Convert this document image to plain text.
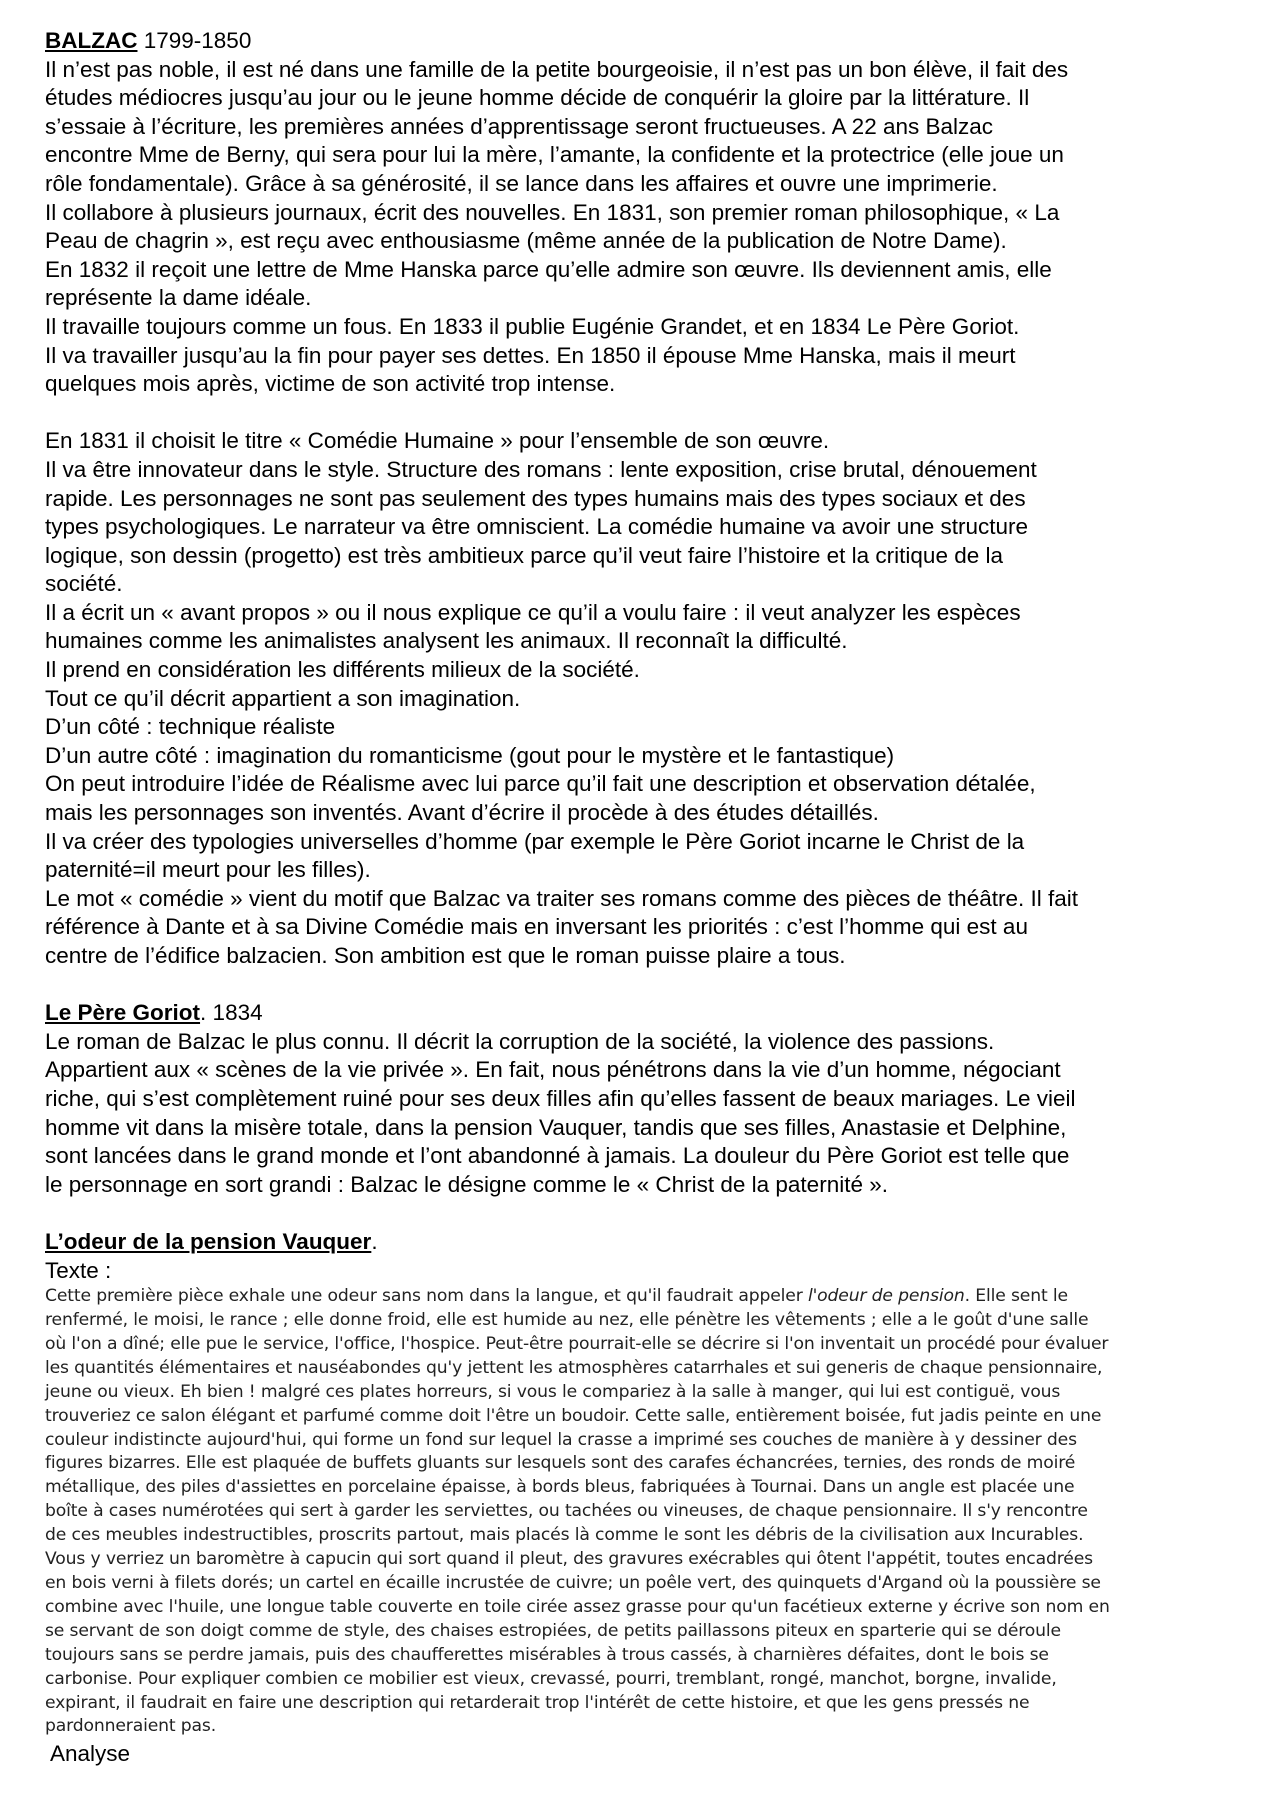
BALZAC 1799-1850
Il n’est pas noble, il est né dans une famille de la petite bourgeoisie, il n’est pas un bon élève, il fait des
études médiocres jusqu’au jour ou le jeune homme décide de conquérir la gloire par la littérature. Il
s’essaie à l’écriture, les premières années d’apprentissage seront fructueuses. A 22 ans Balzac
encontre Mme de Berny, qui sera pour lui la mère, l’amante, la confidente et la protectrice (elle joue un
rôle fondamentale). Grâce à sa générosité, il se lance dans les affaires et ouvre une imprimerie.
Il collabore à plusieurs journaux, écrit des nouvelles. En 1831, son premier roman philosophique, « La
Peau de chagrin », est reçu avec enthousiasme (même année de la publication de Notre Dame).
En 1832 il reçoit une lettre de Mme Hanska parce qu’elle admire son œuvre. Ils deviennent amis, elle
représente la dame idéale.
Il travaille toujours comme un fous. En 1833 il publie Eugénie Grandet, et en 1834 Le Père Goriot.
Il va travailler jusqu’au la fin pour payer ses dettes. En 1850 il épouse Mme Hanska, mais il meurt
quelques mois après, victime de son activité trop intense.
En 1831 il choisit le titre « Comédie Humaine » pour l’ensemble de son œuvre.
Il va être innovateur dans le style. Structure des romans : lente exposition, crise brutal, dénouement
rapide. Les personnages ne sont pas seulement des types humains mais des types sociaux et des
types psychologiques. Le narrateur va être omniscient. La comédie humaine va avoir une structure
logique, son dessin (progetto) est très ambitieux parce qu’il veut faire l’histoire et la critique de la
société.
Il a écrit un « avant propos » ou il nous explique ce qu’il a voulu faire : il veut analyzer les espèces
humaines comme les animalistes analysent les animaux. Il reconnaît la difficulté.
Il prend en considération les différents milieux de la société.
Tout ce qu’il décrit appartient a son imagination.
D’un côté : technique réaliste
D’un autre côté : imagination du romanticisme (gout pour le mystère et le fantastique)
On peut introduire l’idée de Réalisme avec lui parce qu’il fait une description et observation détalée,
mais les personnages son inventés. Avant d’écrire il procède à des études détaillés.
Il va créer des typologies universelles d’homme (par exemple le Père Goriot incarne le Christ de la
paternité=il meurt pour les filles).
Le mot « comédie » vient du motif que Balzac va traiter ses romans comme des pièces de théâtre. Il fait
référence à Dante et à sa Divine Comédie mais en inversant les priorités : c’est l’homme qui est au
centre de l’édifice balzacien. Son ambition est que le roman puisse plaire a tous.
Le Père Goriot. 1834
Le roman de Balzac le plus connu. Il décrit la corruption de la société, la violence des passions.
Appartient aux « scènes de la vie privée ». En fait, nous pénétrons dans la vie d’un homme, négociant
riche, qui s’est complètement ruiné pour ses deux filles afin qu’elles fassent de beaux mariages. Le vieil
homme vit dans la misère totale, dans la pension Vauquer, tandis que ses filles, Anastasie et Delphine,
sont lancées dans le grand monde et l’ont abandonné à jamais. La douleur du Père Goriot est telle que
le personnage en sort grandi : Balzac le désigne comme le « Christ de la paternité ».
L’odeur de la pension Vauquer.
Texte :
Cette première pièce exhale une odeur sans nom dans la langue, et qu'il faudrait appeler l'odeur de pension. Elle sent le
renfermé, le moisi, le rance ; elle donne froid, elle est humide au nez, elle pénètre les vêtements ; elle a le goût d'une salle
où l'on a dîné; elle pue le service, l'office, l'hospice. Peut-être pourrait-elle se décrire si l'on inventait un procédé pour évaluer
les quantités élémentaires et nauséabondes qu'y jettent les atmosphères catarrhales et sui generis de chaque pensionnaire,
jeune ou vieux. Eh bien ! malgré ces plates horreurs, si vous le compariez à la salle à manger, qui lui est contiguë, vous
trouveriez ce salon élégant et parfumé comme doit l'être un boudoir. Cette salle, entièrement boisée, fut jadis peinte en une
couleur indistincte aujourd'hui, qui forme un fond sur lequel la crasse a imprimé ses couches de manière à y dessiner des
figures bizarres. Elle est plaquée de buffets gluants sur lesquels sont des carafes échancrées, ternies, des ronds de moiré
métallique, des piles d'assiettes en porcelaine épaisse, à bords bleus, fabriquées à Tournai. Dans un angle est placée une
boîte à cases numérotées qui sert à garder les serviettes, ou tachées ou vineuses, de chaque pensionnaire. Il s'y rencontre
de ces meubles indestructibles, proscrits partout, mais placés là comme le sont les débris de la civilisation aux Incurables.
Vous y verriez un baromètre à capucin qui sort quand il pleut, des gravures exécrables qui ôtent l'appétit, toutes encadrées
en bois verni à filets dorés; un cartel en écaille incrustée de cuivre; un poêle vert, des quinquets d'Argand où la poussière se
combine avec l'huile, une longue table couverte en toile cirée assez grasse pour qu'un facétieux externe y écrive son nom en
se servant de son doigt comme de style, des chaises estropiées, de petits paillassons piteux en sparterie qui se déroule
toujours sans se perdre jamais, puis des chaufferettes misérables à trous cassés, à charnières défaites, dont le bois se
carbonise. Pour expliquer combien ce mobilier est vieux, crevassé, pourri, tremblant, rongé, manchot, borgne, invalide,
expirant, il faudrait en faire une description qui retarderait trop l'intérêt de cette histoire, et que les gens pressés ne
pardonneraient pas.
Analyse
